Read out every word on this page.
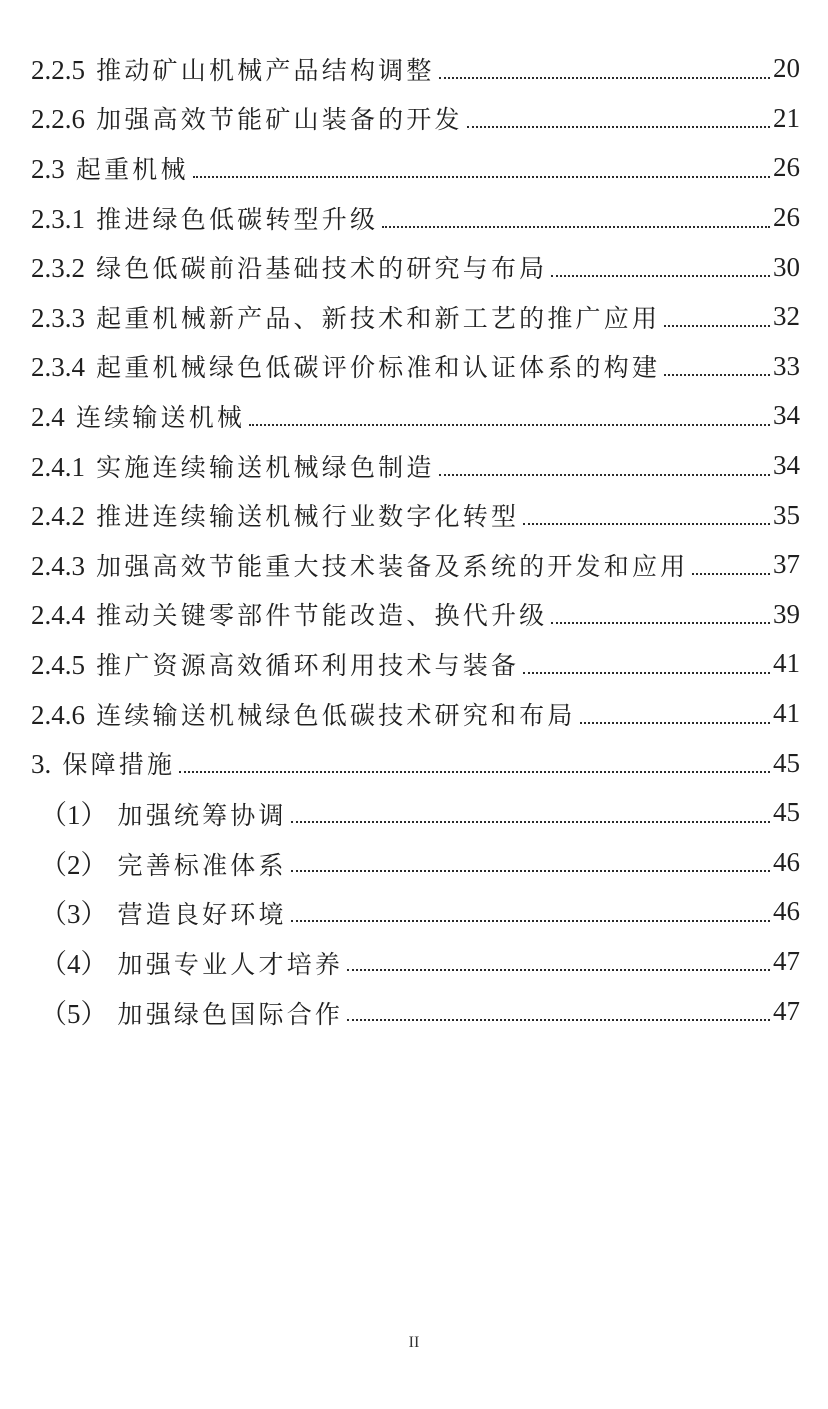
2.2.5 推动矿山机械产品结构调整	20
2.2.6 加强高效节能矿山装备的开发	21
2.3 起重机械	26
2.3.1 推进绿色低碳转型升级	26
2.3.2 绿色低碳前沿基础技术的研究与布局	30
2.3.3 起重机械新产品、新技术和新工艺的推广应用	32
2.3.4 起重机械绿色低碳评价标准和认证体系的构建	33
2.4 连续输送机械	34
2.4.1 实施连续输送机械绿色制造	34
2.4.2 推进连续输送机械行业数字化转型	35
2.4.3 加强高效节能重大技术装备及系统的开发和应用	37
2.4.4 推动关键零部件节能改造、换代升级	39
2.4.5 推广资源高效循环利用技术与装备	41
2.4.6 连续输送机械绿色低碳技术研究和布局	41
3. 保障措施	45
（1） 加强统筹协调	45
（2） 完善标准体系	46
（3） 营造良好环境	46
（4） 加强专业人才培养	47
（5） 加强绿色国际合作	47
II
